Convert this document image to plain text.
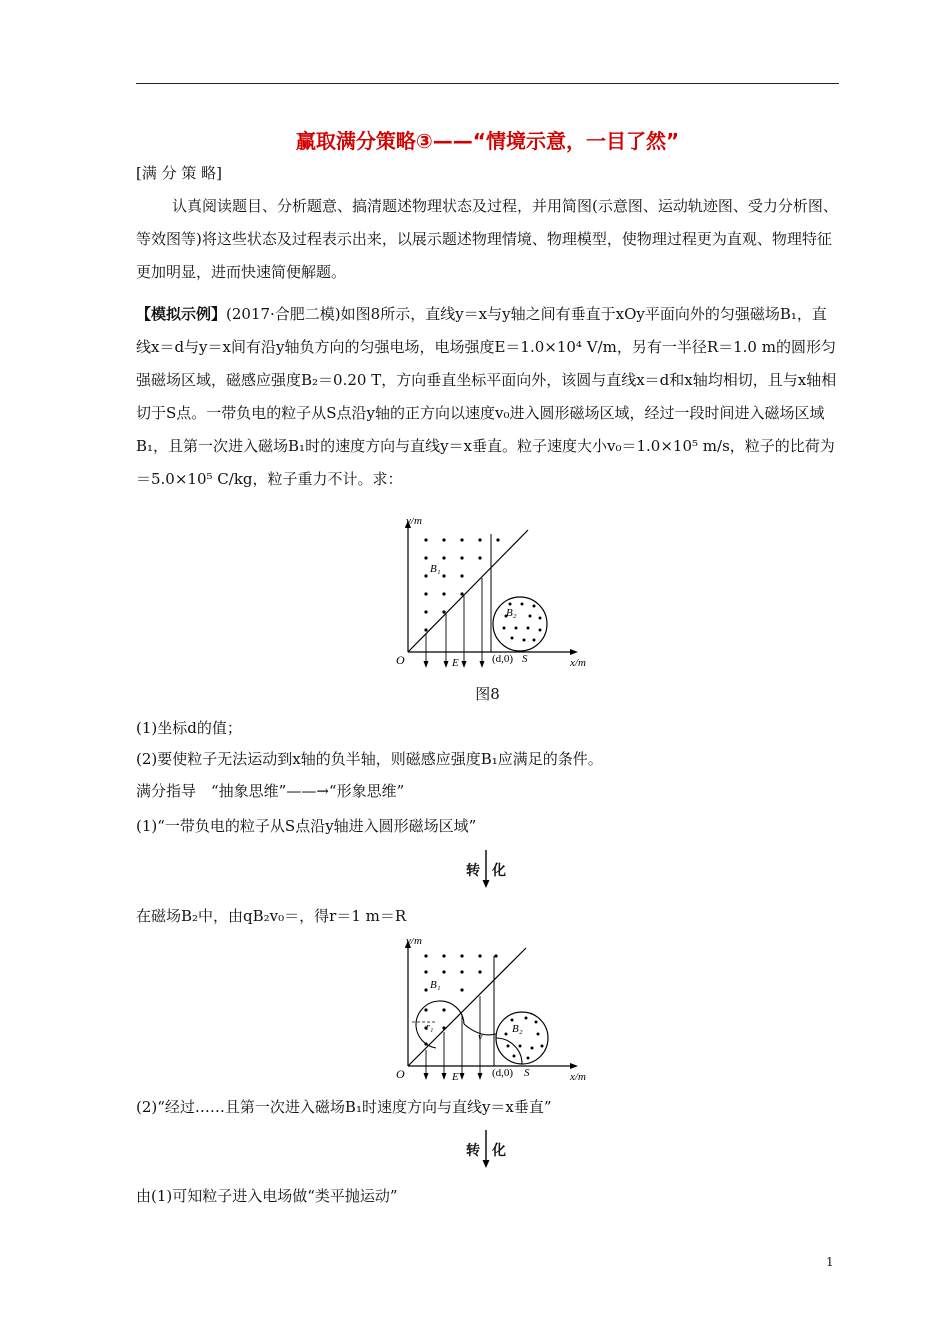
赢取满分策略③——“情境示意，一目了然”

[满 分 策 略]

认真阅读题目、分析题意、搞清题述物理状态及过程，并用简图(示意图、运动轨迹图、受力分析图、等效图等)将这些状态及过程表示出来，以展示题述物理情境、物理模型，使物理过程更为直观、物理特征更加明显，进而快速简便解题。

【模拟示例】(2017·合肥二模)如图8所示，直线y＝x与y轴之间有垂直于xOy平面向外的匀强磁场B₁，直线x＝d与y＝x间有沿y轴负方向的匀强电场，电场强度E＝1.0×10⁴ V/m，另有一半径R＝1.0 m的圆形匀强磁场区域，磁感应强度B₂＝0.20 T，方向垂直坐标平面向外，该圆与直线x＝d和x轴均相切，且与x轴相切于S点。一带负电的粒子从S点沿y轴的正方向以速度v₀进入圆形磁场区域，经过一段时间进入磁场区域B₁，且第一次进入磁场B₁时的速度方向与直线y＝x垂直。粒子速度大小v₀＝1.0×10⁵ m/s，粒子的比荷为＝5.0×10⁵ C/kg，粒子重力不计。求：

y/m
x/m
O
B₁
B₂
E	(d,0) S
图8

(1)坐标d的值；

(2)要使粒子无法运动到x轴的负半轴，则磁感应强度B₁应满足的条件。

满分指导　“抽象思维”——→“形象思维”

(1)“一带负电的粒子从S点沿y轴进入圆形磁场区域”

转 化

在磁场B₂中，由qB₂v₀＝，得r＝1 m＝R

y/m
x/m
O
B₁
B₂
r₁
v
E	(d,0) S

(2)“经过……且第一次进入磁场B₁时速度方向与直线y＝x垂直”

转 化

由(1)可知粒子进入电场做“类平抛运动”

1
